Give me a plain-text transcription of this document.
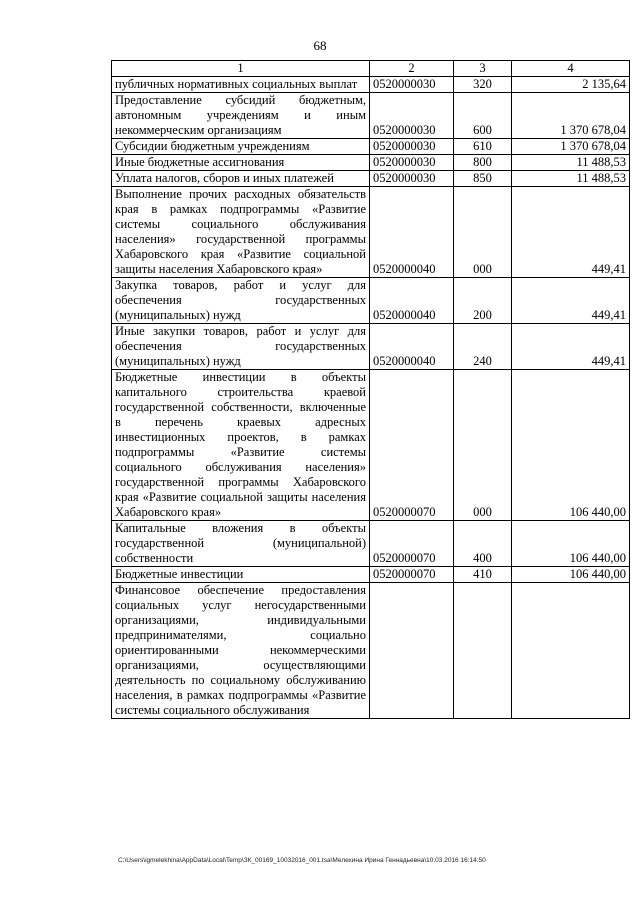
68
1	2	3	4
публичных нормативных социальных выплат	0520000030	320	2 135,64
Предоставление субсидий бюджетным, автономным учреждениям и иным некоммерческим организациям	0520000030	600	1 370 678,04
Субсидии бюджетным учреждениям	0520000030	610	1 370 678,04
Иные бюджетные ассигнования	0520000030	800	11 488,53
Уплата налогов, сборов и иных платежей	0520000030	850	11 488,53
Выполнение прочих расходных обязательств края в рамках подпрограммы «Развитие системы социального обслуживания населения» государственной программы Хабаровского края «Развитие социальной защиты населения Хабаровского края»	0520000040	000	449,41
Закупка товаров, работ и услуг для обеспечения государственных (муниципальных) нужд	0520000040	200	449,41
Иные закупки товаров, работ и услуг для обеспечения государственных (муниципальных) нужд	0520000040	240	449,41
Бюджетные инвестиции в объекты капитального строительства краевой государственной собственности, включенные в перечень краевых адресных инвестиционных проектов, в рамках подпрограммы «Развитие системы социального обслуживания населения» государственной программы Хабаровского края «Развитие социальной защиты населения Хабаровского края»	0520000070	000	106 440,00
Капитальные вложения в объекты государственной (муниципальной) собственности	0520000070	400	106 440,00
Бюджетные инвестиции	0520000070	410	106 440,00
Финансовое обеспечение предоставления социальных услуг негосударственными организациями, индивидуальными предпринимателями, социально ориентированными некоммерческими организациями, осуществляющими деятельность по социальному обслуживанию населения, в рамках подпрограммы «Развитие системы социального обслуживания			
C:\Users\igmelekhina\AppData\Local\Temp\ЗК_00169_10032016_001.tsa\Мелехина Ирина Геннадьевна\10.03.2016 16:14:50
